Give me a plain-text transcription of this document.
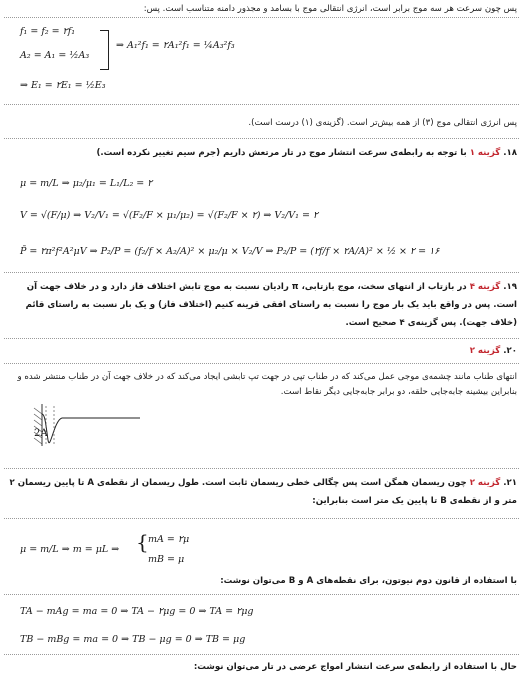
پس چون سرعت هر سه موج برابر است، انرژی انتقالی موج با بسامد و مجذور دامنه متناسب است. پس:
f₁ = f₂ = ۲f₁
A₂ = A₁ = ½A₃
⇒ A₁²f₁ = ۲A₁²f₁ = ¼A₃²f₃
⇒ E₁ = ۲E₁ = ½E₃
پس انرژی انتقالی موج (۳) از همه بیش‌تر است. (گزینه‌ی (۱) درست است).
۱۸. گزینه ۱ با توجه به رابطه‌ی سرعت انتشار موج در تار مرتعش داریم (جرم سیم تغییر نکرده است.)
μ = m/L ⇒ μ₂/μ₁ = L₁/L₂ = ۲
V = √(F/μ) ⇒ V₂/V₁ = √(F₂/F × μ₁/μ₂) = √(F₂/F × ۲) ⇒ V₂/V₁ = ۲
P̄ = ۲π²f²A²μV ⇒ P₂/P = (f₂/f × A₂/A)² × μ₂/μ × V₂/V ⇒ P₂/P = (۲f/f × ۲A/A)² × ½ × ۲ = ۱۶
۱۹. گزینه ۴ در بازتاب از انتهای سخت، موج بازتابی، π رادیان نسبت به موج تابش اختلاف فاز دارد و در خلاف جهت آن است. پس در واقع باید یک بار موج را نسبت به راستای افقی قرینه کنیم (اختلاف فاز) و یک بار نسبت به راستای قائم (خلاف جهت). پس گزینه‌ی ۴ صحیح است.
۲۰. گزینه ۲
انتهای طناب مانند چشمه‌ی موجی عمل می‌کند که در طناب تپی در جهت تپ تابشی ایجاد می‌کند که در خلاف جهت آن در طناب منتشر شده و بنابراین بیشینه جابه‌جایی حلقه، دو برابر جابه‌جایی دیگر نقاط است.
2A
۲۱. گزینه ۲ چون ریسمان همگن است پس چگالی خطی ریسمان ثابت است. طول ریسمان از نقطه‌ی A تا پایین ریسمان ۲ متر و از نقطه‌ی B تا پایین یک متر است بنابراین:
μ = m/L ⇒ m = μL ⇒ { mA = ۲μ
mB = μ
با استفاده از قانون دوم نیوتون، برای نقطه‌های A و B می‌توان نوشت:
TA − mAg = ma = 0 ⇒ TA − ۲μg = 0 ⇒ TA = ۲μg
TB − mBg = ma = 0 ⇒ TB − μg = 0 ⇒ TB = μg
حال با استفاده از رابطه‌ی سرعت انتشار امواج عرضی در تار می‌توان نوشت:
